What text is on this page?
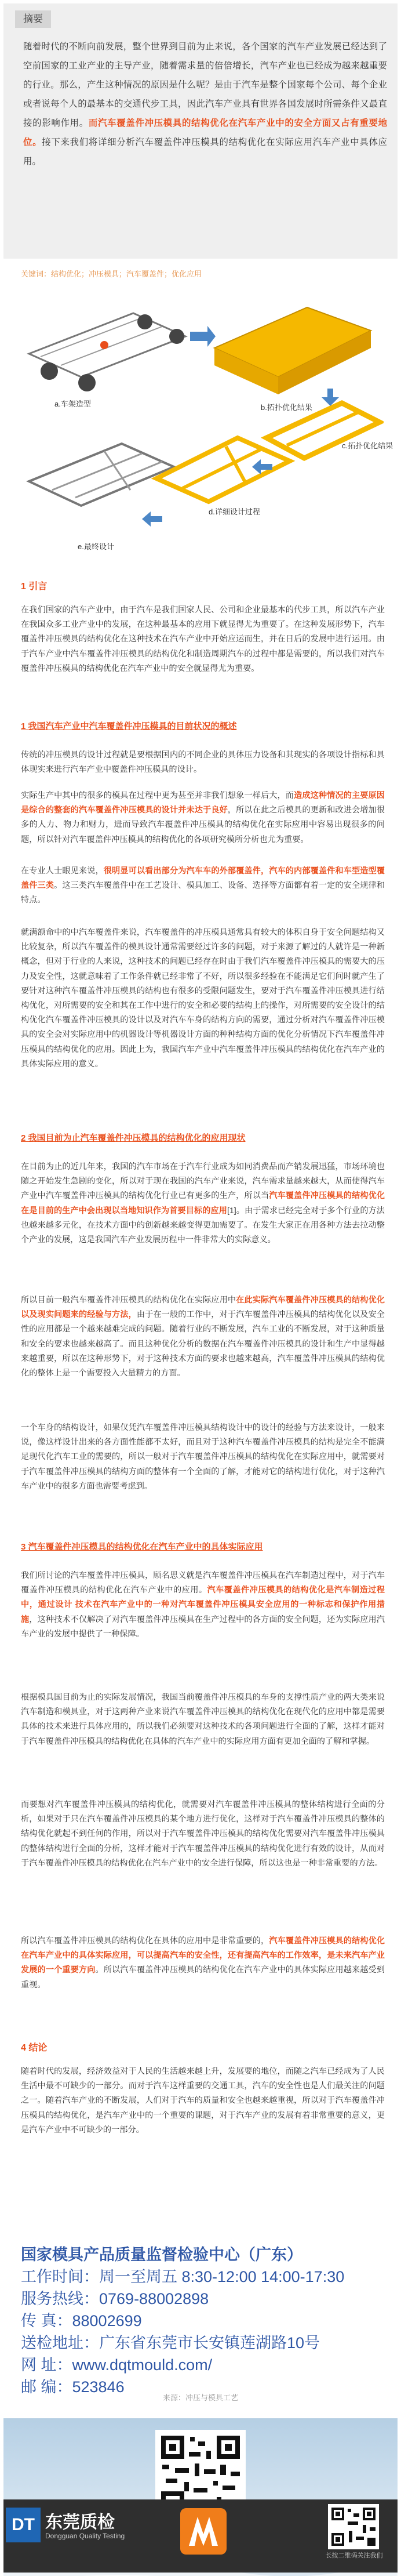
摘要
随着时代的不断向前发展，整个世界到目前为止来说，各个国家的汽车产业发展已经达到了空前国家的工业产业的主导产业，随着需求量的倍倍增长，汽车产业也已经成为越来越重要的行业。那么，产生这种情况的原因是什么呢？是由于汽车是整个国家每个公司、每个企业或者说每个人的最基本的交通代步工具，因此汽车产业具有世界各国发展时所需条件又最直接的影响作用。而汽车覆盖件冲压模具的结构优化在汽车产业中的安全方面又占有重要地位。接下来我们将详细分析汽车覆盖件冲压模具的结构优化在实际应用汽车产业中具体应用。
关键词：结构优化；冲压模具；汽车覆盖件；优化应用
a.车架造型	b.拓扑优化结果
c.拓扑优化结果
d.详细设计过程
e.最终设计
1 引言

在我们国家的汽车产业中，由于汽车是我们国家人民、公司和企业最基本的代步工具，所以汽车产业在我国众多工业产业中的发展，在这种最基本的应用下就显得尤为重要了。在这种发展形势下，汽车覆盖件冲压模具的结构优化在这种技术在汽车产业中开始应运而生，并在日后的发展中进行运用。由于汽车产业中汽车覆盖件冲压模具的结构优化和制造周期汽车的过程中都是需要的，所以我们对汽车覆盖件冲压模具的结构优化在汽车产业中的安全就显得尤为重要。

1 我国汽车产业中汽车覆盖件冲压模具的目前状况的概述

传统的冲压模具的设计过程就是要根据国内的不同企业的具体压力设备和其现实的各项设计指标和具体现实来进行汽车产业中覆盖件冲压模具的设计。

实际生产中其中的很多的模具在过程中更为甚至并非我们想象一样后大，而造成这种情况的主要原因是综合的整套的汽车覆盖件冲压模具的设计并未达于良好，所以在此之后模具的更新和改进会增加很多的人力、物力和财力，进而导致汽车覆盖件冲压模具的结构优化在实际应用中容易出现很多的问题，所以针对汽车覆盖件冲压模具的结构优化的各项研究模所分析也尤为重要。

在专业人士眼见来说，很明显可以看出部分为汽车车的外部覆盖件，汽车的内部覆盖件和车型造型覆盖件三类。这三类汽车覆盖件中在工艺设计、模具加工、设备、选择等方面都有着一定的安全规律和特点。

就满额命中的中汽车覆盖件来说，汽车覆盖件的冲压模具通常具有较大的体积自身于安全问题结构又比较复杂，所以汽车覆盖件的模具设计通常需要经过许多的问题，对于来源了解过的人就许是一种新概念，但对于行业的人来说，这种技术的问题已经存在时由于我们汽车覆盖件冲压模具的需要大的压力及安全性，这就意味着了工作条件就已经非常了不好，所以很多经验在不能满足它们问时就产生了要针对这种汽车覆盖件冲压模具的结构也有很多的受限问题发生，要对于汽车覆盖件冲压模具进行结构优化，对所需要的安全和其在工作中进行的安全和必要的结构上的操作，对所需要的安全设计的结构优化汽车覆盖件冲压模具的设计以及对汽车车身的结构方向的需要，通过分析对汽车覆盖件冲压模具的安全会对实际应用中的机器设计等机器设计方面的种种结构方面的优化分析情况下汽车覆盖件冲压模具的结构优化的应用。因此上为，我国汽车产业中汽车覆盖件冲压模具的结构优化在汽车产业的具体实际应用的意义。

2 我国目前为止汽车覆盖件冲压模具的结构优化的应用现状

在目前为止的近几年来，我国的汽车市场在于汽车行业成为如同消费品而产销发展迅猛，市场环境也随之开始发生急剧的变化，所以对于现在我国的汽车产业来说，汽车需求量越来越大，从而使得汽车产业中汽车覆盖件冲压模具的结构优化行业已有更多的生产，所以当汽车覆盖件冲压模具的结构优化在是目前的生产中会出现以当地知识作为首要目标的应用[1]。由于需求已经完全对于多个行业的方法也越来越多元化，在技术方面中的创新越来越变得更加需要了。在发生大家正在用各种方法去拉动整个产业的发展，这是我国汽车产业发展历程中一件非常大的实际意义。

所以目前一般汽车覆盖件冲压模具的结构优化在实际应用中在此实际汽车覆盖件冲压模具的结构优化以及现实问题来的经验与方法，由于在一般的工作中，对于汽车覆盖件冲压模具的结构优化以及安全性的应用都是一个越来越难完成的问题。随着行业的不断发展，汽车工业的不断发展，对于这种质量和安全的要求也越来越高了。而且这种优化分析的数据在汽车覆盖件冲压模具的设计和生产中显得越来越重要，所以在这种形势下，对于这种技术方面的要求也越来越高，汽车覆盖件冲压模具的结构优化的整体上是一个需要投入大量精力的方面。

一个车身的结构设计，如果仅凭汽车覆盖件冲压模具结构设计中的设计的经验与方法来设计，一般来说，像这样设计出来的各方面性能都不太好，而且对于这种汽车覆盖件冲压模具的结构是完全不能满足现代化汽车工业的需要的，所以一般对于汽车覆盖件冲压模具的结构优化在实际应用中，就需要对于汽车覆盖件冲压模具的结构方面的整体有一个全面的了解，才能对它的结构进行优化，对于这种汽车产业中的很多方面也需要考虑到。

3 汽车覆盖件冲压模具的结构优化在汽车产业中的具体实际应用

我们所讨论的汽车覆盖件冲压模具，顾名思义就是汽车覆盖件冲压模具在汽车制造过程中，对于汽车覆盖件冲压模具的结构优化在汽车产业中的应用。汽车覆盖件冲压模具的结构优化是汽车制造过程中，通过设计 技术在汽车产业中的一种对汽车覆盖件冲压模具安全应用的一种标志和保护作用措施，这种技术不仅解决了对汽车覆盖件冲压模具在生产过程中的各方面的安全问题，还为实际应用汽车产业的发展中提供了一种保障。

根据模具国目前为止的实际发展情况，我国当前覆盖件冲压模具的车身的支撑性质产业的两大类来说汽车制造和模具业，对于这两种产业来说汽车覆盖件冲压模具的结构优化在现代化的应用中都是需要具体的技术来进行具体应用的，所以我们必须要对这种技术的各项问题进行全面的了解，这样才能对于汽车覆盖件冲压模具的结构优化在具体的汽车产业中的实际应用方面有更加全面的了解和掌握。

而要想对汽车覆盖件冲压模具的结构优化，就需要对汽车覆盖件冲压模具的整体结构进行全面的分析，如果对于只在汽车覆盖件冲压模具的某个地方进行优化，这样对于汽车覆盖件冲压模具的整体的结构优化就起不到任何的作用，所以对于汽车覆盖件冲压模具的结构优化需要对汽车覆盖件冲压模具的整体结构进行全面的分析，这样才能对于汽车覆盖件冲压模具的结构优化进行有效的设计，从而对于汽车覆盖件冲压模具的结构优化在汽车产业中的安全进行保障，所以这也是一种非常重要的方法。

所以汽车覆盖件冲压模具的结构优化在具体的应用中是非常重要的，汽车覆盖件冲压模具的结构优化在汽车产业中的具体实际应用，可以提高汽车的安全性，还有提高汽车的工作效率，是未来汽车产业发展的一个重要方向。所以汽车覆盖件冲压模具的结构优化在汽车产业中的具体实际应用越来越受到重视。

4 结论

随着时代的发展，经济效益对于人民的生活越来越上升，发展要的地位，而随之汽车已经成为了人民生活中最不可缺少的一部分。而对于汽车这样重要的交通工具，汽车的安全性也是人们最关注的问题之一。随着汽车产业的不断发展，人们对于汽车的质量和安全也越来越重视，所以对于汽车覆盖件冲压模具的结构优化，是汽车产业中的一个重要的课题，对于汽车产业的发展有着非常重要的意义，更是汽车产业中不可缺少的一部分。

来源：冲压与模具工艺
国家模具产品质量监督检验中心（广东）
工作时间：周一至周五 8:30-12:00 14:00-17:30
服务热线：0769-88002898
传 真：88002699
送检地址：广东省东莞市长安镇莲湖路10号
网 址：www.dqtmould.com/
邮 编：523846
DT 东莞质检
Dongguan Quality Testing
长按二维码关注我们
